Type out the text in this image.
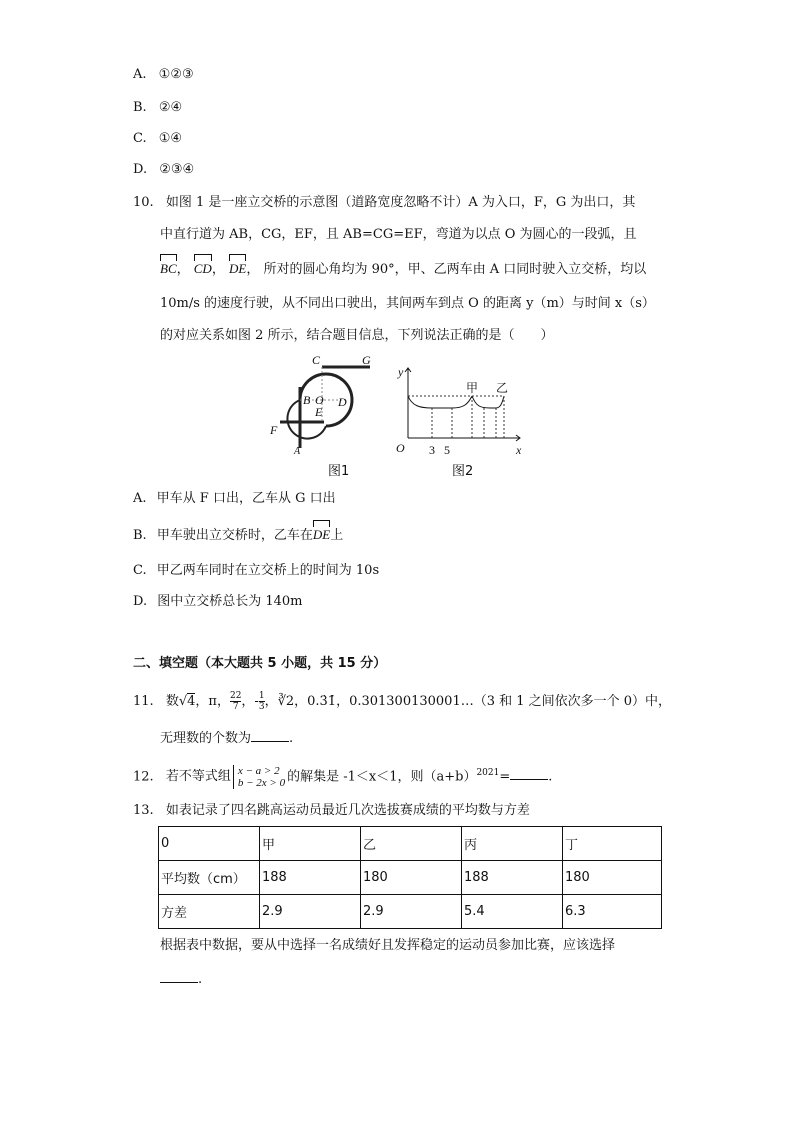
A. ①②③
B. ②④
C. ①④
D. ②③④
10. 如图 1 是一座立交桥的示意图（道路宽度忽略不计）A 为入口，F，G 为出口，其
中直行道为 AB，CG，EF，且 AB=CG=EF，弯道为以点 O 为圆心的一段弧，且
BC， CD， DE， 所对的圆心角均为 90°，甲、乙两车由 A 口同时驶入立交桥，均以
10m/s 的速度行驶，从不同出口驶出，其间两车到点 O 的距离 y（m）与时间 x（s）
的对应关系如图 2 所示，结合题目信息，下列说法正确的是（　　）
C	G
B O D
E
F
A
图1
y
x
O 3 5
甲 乙
图2
A. 甲车从 F 口出，乙车从 G 口出
B. 甲车驶出立交桥时，乙车在DE上
C. 甲乙两车同时在立交桥上的时间为 10s
D. 图中立交桥总长为 140m
二、填空题（本大题共 5 小题，共 15 分）
11. 数√4，π， $\frac{22}{7}$ ，- $\frac{1}{3}$ ，∛2，0.3̇1̇，0.301300130001…（3 和 1 之间依次多一个 0）中，
无理数的个数为	.
12. 若不等式组 x − a > 2
b − 2x > 0 的解集是 -1＜x＜1，则$(a+b)^{2021}=$	.
13. 如表记录了四名跳高运动员最近几次选拔赛成绩的平均数与方差
0	甲	乙	丙	丁
平均数（cm）	188	180	188	180
方差	2.9	2.9	5.4	6.3
根据表中数据，要从中选择一名成绩好且发挥稳定的运动员参加比赛，应该选择
.
